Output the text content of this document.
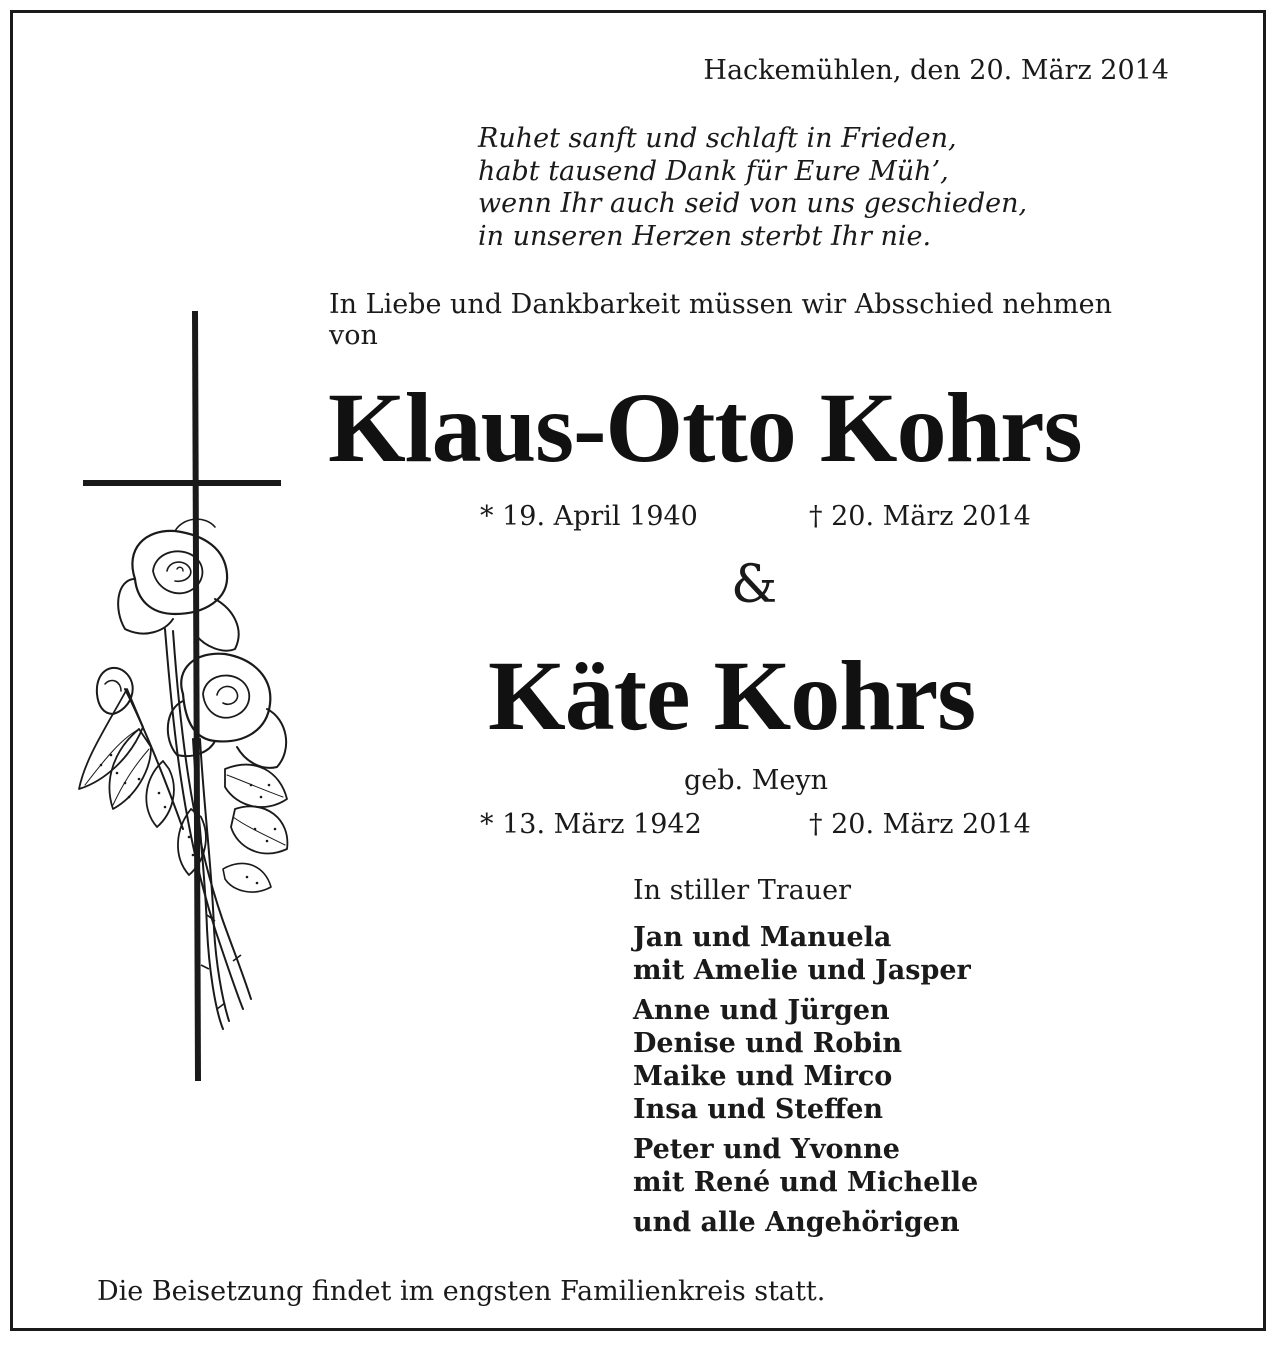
Hackemühlen, den 20. März 2014
Ruhet sanft und schlaft in Frieden,
habt tausend Dank für Eure Müh’,
wenn Ihr auch seid von uns geschieden,
in unseren Herzen sterbt Ihr nie.
In Liebe und Dankbarkeit müssen wir Absschied nehmen
von
Klaus-Otto Kohrs
* 19. April 1940	† 20. März 2014
&
Käte Kohrs
geb. Meyn
* 13. März 1942	† 20. März 2014
In stiller Trauer
Jan und Manuela
mit Amelie und Jasper
Anne und Jürgen
Denise und Robin
Maike und Mirco
Insa und Steffen
Peter und Yvonne
mit René und Michelle
und alle Angehörigen
Die Beisetzung findet im engsten Familienkreis statt.
